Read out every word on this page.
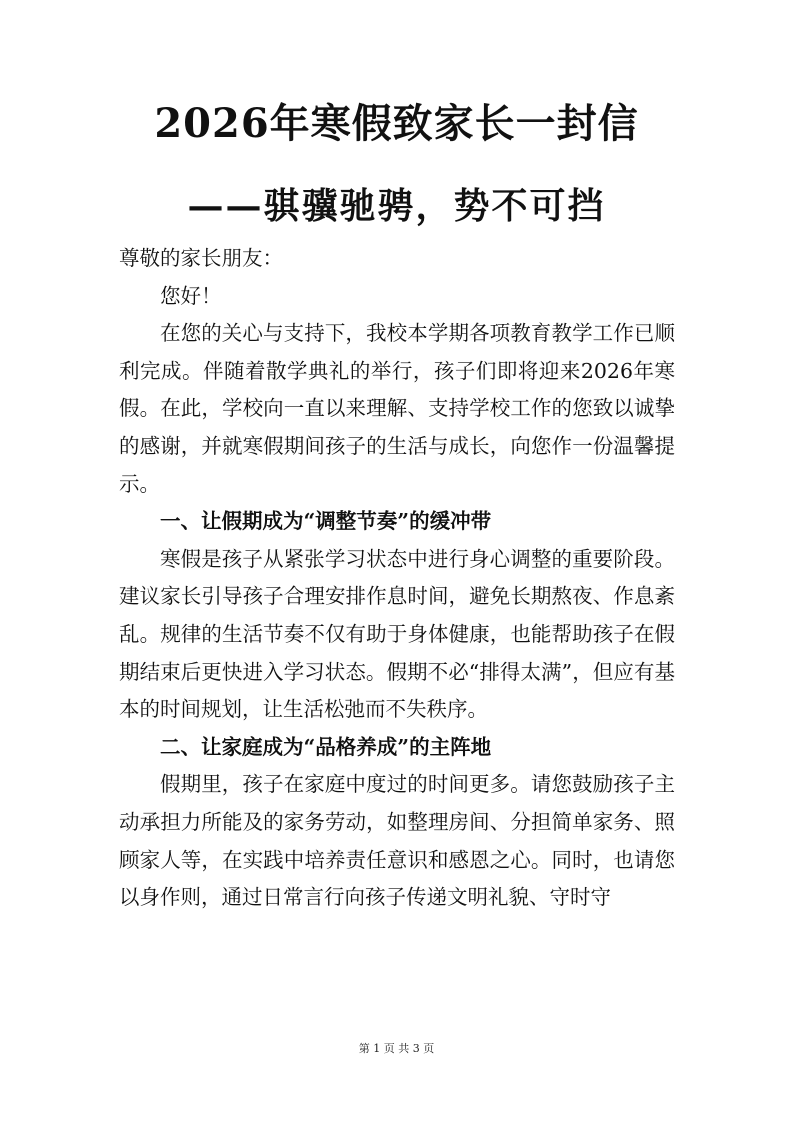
2026年寒假致家长一封信
——骐骥驰骋，势不可挡

尊敬的家长朋友：

您好！

在您的关心与支持下，我校本学期各项教育教学工作已顺利完成。伴随着散学典礼的举行，孩子们即将迎来2026年寒假。在此，学校向一直以来理解、支持学校工作的您致以诚挚的感谢，并就寒假期间孩子的生活与成长，向您作一份温馨提示。

一、让假期成为“调整节奏”的缓冲带

寒假是孩子从紧张学习状态中进行身心调整的重要阶段。建议家长引导孩子合理安排作息时间，避免长期熬夜、作息紊乱。规律的生活节奏不仅有助于身体健康，也能帮助孩子在假期结束后更快进入学习状态。假期不必“排得太满”，但应有基本的时间规划，让生活松弛而不失秩序。

二、让家庭成为“品格养成”的主阵地

假期里，孩子在家庭中度过的时间更多。请您鼓励孩子主动承担力所能及的家务劳动，如整理房间、分担简单家务、照顾家人等，在实践中培养责任意识和感恩之心。同时，也请您以身作则，通过日常言行向孩子传递文明礼貌、守时守

第 1 页 共 3 页
